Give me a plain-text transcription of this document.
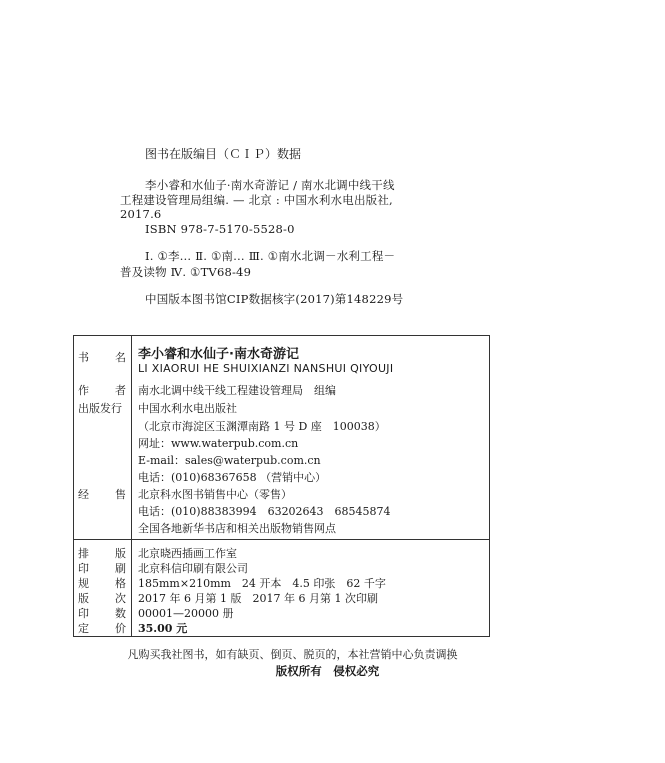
图书在版编目（ＣＩＰ）数据
李小睿和水仙子·南水奇游记 / 南水北调中线干线
工程建设管理局组编. — 北京 : 中国水利水电出版社,
2017.6
ISBN 978-7-5170-5528-0
Ⅰ. ①李… Ⅱ. ①南… Ⅲ. ①南水北调－水利工程－
普及读物 Ⅳ. ①TV68-49
中国版本图书馆CIP数据核字(2017)第148229号
书 名 李小睿和水仙子·南水奇游记
LI XIAORUI HE SHUIXIANZI NANSHUI QIYOUJI
作 者 南水北调中线干线工程建设管理局　组编
出版发行	中国水利水电出版社
（北京市海淀区玉渊潭南路 1 号 D 座　100038）
网址：www.waterpub.com.cn
E-mail：sales@waterpub.com.cn
电话：(010)68367658 （营销中心）
经 售 北京科水图书销售中心（零售）
电话：(010)88383994　63202643　68545874
全国各地新华书店和相关出版物销售网点
排 版 北京晓西插画工作室
印 刷 北京科信印刷有限公司
规 格 185mm×210mm　24 开本　4.5 印张　62 千字
版 次 2017 年 6 月第 1 版　2017 年 6 月第 1 次印刷
印 数 00001—20000 册
定 价 35.00 元
凡购买我社图书，如有缺页、倒页、脱页的，本社营销中心负责调换
版权所有　侵权必究
